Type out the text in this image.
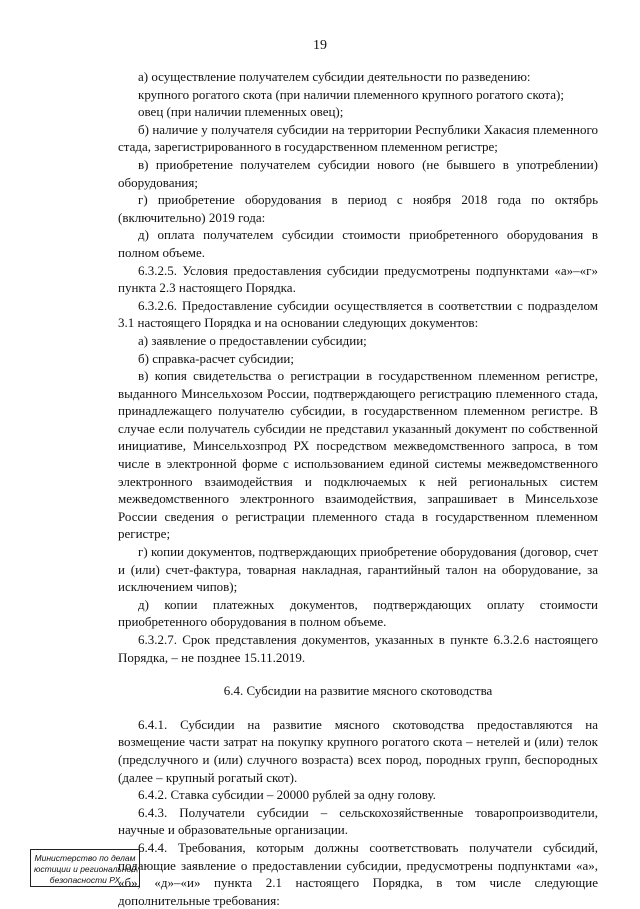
19

а) осуществление получателем субсидии деятельности по разведению:

крупного рогатого скота (при наличии племенного крупного рогатого скота);

овец (при наличии племенных овец);

б) наличие у получателя субсидии на территории Республики Хакасия племенного стада, зарегистрированного в государственном племенном регистре;

в) приобретение получателем субсидии нового (не бывшего в употреблении) оборудования;

г) приобретение оборудования в период с ноября 2018 года по октябрь (включительно) 2019 года:

д) оплата получателем субсидии стоимости приобретенного оборудования в полном объеме.

6.3.2.5. Условия предоставления субсидии предусмотрены подпунктами «а»–«г» пункта 2.3 настоящего Порядка.

6.3.2.6. Предоставление субсидии осуществляется в соответствии с подразделом 3.1 настоящего Порядка и на основании следующих документов:

а) заявление о предоставлении субсидии;

б) справка-расчет субсидии;

в) копия свидетельства о регистрации в государственном племенном регистре, выданного Минсельхозом России, подтверждающего регистрацию племенного стада, принадлежащего получателю субсидии, в государственном племенном регистре. В случае если получатель субсидии не представил указанный документ по собственной инициативе, Минсельхозпрод РХ посредством межведомственного запроса, в том числе в электронной форме с использованием единой системы межведомственного электронного взаимодействия и подключаемых к ней региональных систем межведомственного электронного взаимодействия, запрашивает в Минсельхозе России сведения о регистрации племенного стада в государственном племенном регистре;

г) копии документов, подтверждающих приобретение оборудования (договор, счет и (или) счет-фактура, товарная накладная, гарантийный талон на оборудование, за исключением чипов);

д) копии платежных документов, подтверждающих оплату стоимости приобретенного оборудования в полном объеме.

6.3.2.7. Срок представления документов, указанных в пункте 6.3.2.6 настоящего Порядка, – не позднее 15.11.2019.

6.4. Субсидии на развитие мясного скотоводства

6.4.1. Субсидии на развитие мясного скотоводства предоставляются на возмещение части затрат на покупку крупного рогатого скота – нетелей и (или) телок (предслучного и (или) случного возраста) всех пород, породных групп, беспородных (далее – крупный рогатый скот).

6.4.2. Ставка субсидии – 20000 рублей за одну голову.

6.4.3. Получатели субсидии – сельскохозяйственные товаропроизводители, научные и образовательные организации.

6.4.4. Требования, которым должны соответствовать получатели субсидий, подающие заявление о предоставлении субсидии, предусмотрены подпунктами «а», «б», «д»–«и» пункта 2.1 настоящего Порядка, в том числе следующие дополнительные требования:

Министерство по делам
юстиции и региональной
безопасности РХ
